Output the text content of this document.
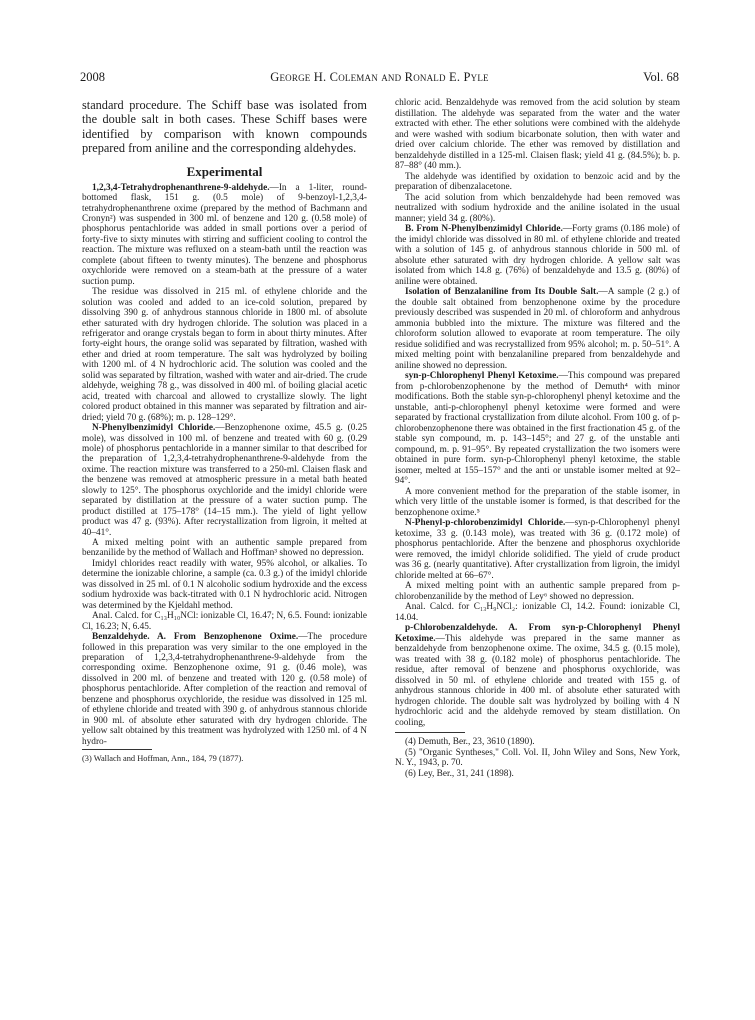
2008	George H. Coleman and Ronald E. Pyle	Vol. 68

standard procedure. The Schiff base was isolated from the double salt in both cases. These Schiff bases were identified by comparison with known compounds prepared from aniline and the corresponding aldehydes.

Experimental

1,2,3,4-Tetrahydrophenanthrene-9-aldehyde.—In a 1-liter, round-bottomed flask, 151 g. (0.5 mole) of 9-benzoyl-1,2,3,4-tetrahydrophenanthrene oxime (prepared by the method of Bachmann and Cronyn²) was suspended in 300 ml. of benzene and 120 g. (0.58 mole) of phosphorus pentachloride was added in small portions over a period of forty-five to sixty minutes with stirring and sufficient cooling to control the reaction. The mixture was refluxed on a steam-bath until the reaction was complete (about fifteen to twenty minutes). The benzene and phosphorus oxychloride were removed on a steam-bath at the pressure of a water suction pump.

The residue was dissolved in 215 ml. of ethylene chloride and the solution was cooled and added to an ice-cold solution, prepared by dissolving 390 g. of anhydrous stannous chloride in 1800 ml. of absolute ether saturated with dry hydrogen chloride. The solution was placed in a refrigerator and orange crystals began to form in about thirty minutes. After forty-eight hours, the orange solid was separated by filtration, washed with ether and dried at room temperature. The salt was hydrolyzed by boiling with 1200 ml. of 4 N hydrochloric acid. The solution was cooled and the solid was separated by filtration, washed with water and air-dried. The crude aldehyde, weighing 78 g., was dissolved in 400 ml. of boiling glacial acetic acid, treated with charcoal and allowed to crystallize slowly. The light colored product obtained in this manner was separated by filtration and air-dried; yield 70 g. (68%); m. p. 128–129°.

N-Phenylbenzimidyl Chloride.—Benzophenone oxime, 45.5 g. (0.25 mole), was dissolved in 100 ml. of benzene and treated with 60 g. (0.29 mole) of phosphorus pentachloride in a manner similar to that described for the preparation of 1,2,3,4-tetrahydrophenanthrene-9-aldehyde from the oxime. The reaction mixture was transferred to a 250-ml. Claisen flask and the benzene was removed at atmospheric pressure in a metal bath heated slowly to 125°. The phosphorus oxychloride and the imidyl chloride were separated by distillation at the pressure of a water suction pump. The product distilled at 175–178° (14–15 mm.). The yield of light yellow product was 47 g. (93%). After recrystallization from ligroin, it melted at 40–41°.

A mixed melting point with an authentic sample prepared from benzanilide by the method of Wallach and Hoffman³ showed no depression.

Imidyl chlorides react readily with water, 95% alcohol, or alkalies. To determine the ionizable chlorine, a sample (ca. 0.3 g.) of the imidyl chloride was dissolved in 25 ml. of 0.1 N alcoholic sodium hydroxide and the excess sodium hydroxide was back-titrated with 0.1 N hydrochloric acid. Nitrogen was determined by the Kjeldahl method.

Anal. Calcd. for C₁₃H₁₀NCl: ionizable Cl, 16.47; N, 6.5. Found: ionizable Cl, 16.23; N, 6.45.

Benzaldehyde. A. From Benzophenone Oxime.—The procedure followed in this preparation was very similar to the one employed in the preparation of 1,2,3,4-tetrahydrophenanthrene-9-aldehyde from the corresponding oxime. Benzophenone oxime, 91 g. (0.46 mole), was dissolved in 200 ml. of benzene and treated with 120 g. (0.58 mole) of phosphorus pentachloride. After completion of the reaction and removal of benzene and phosphorus oxychloride, the residue was dissolved in 125 ml. of ethylene chloride and treated with 390 g. of anhydrous stannous chloride in 900 ml. of absolute ether saturated with dry hydrogen chloride. The yellow salt obtained by this treatment was hydrolyzed with 1250 ml. of 4 N hydro-

(3) Wallach and Hoffman, Ann., 184, 79 (1877).

chloric acid. Benzaldehyde was removed from the acid solution by steam distillation. The aldehyde was separated from the water and the water extracted with ether. The ether solutions were combined with the aldehyde and were washed with sodium bicarbonate solution, then with water and dried over calcium chloride. The ether was removed by distillation and benzaldehyde distilled in a 125-ml. Claisen flask; yield 41 g. (84.5%); b. p. 87–88° (40 mm.).

The aldehyde was identified by oxidation to benzoic acid and by the preparation of dibenzalacetone.

The acid solution from which benzaldehyde had been removed was neutralized with sodium hydroxide and the aniline isolated in the usual manner; yield 34 g. (80%).

B. From N-Phenylbenzimidyl Chloride.—Forty grams (0.186 mole) of the imidyl chloride was dissolved in 80 ml. of ethylene chloride and treated with a solution of 145 g. of anhydrous stannous chloride in 500 ml. of absolute ether saturated with dry hydrogen chloride. A yellow salt was isolated from which 14.8 g. (76%) of benzaldehyde and 13.5 g. (80%) of aniline were obtained.

Isolation of Benzalaniline from Its Double Salt.—A sample (2 g.) of the double salt obtained from benzophenone oxime by the procedure previously described was suspended in 20 ml. of chloroform and anhydrous ammonia bubbled into the mixture. The mixture was filtered and the chloroform solution allowed to evaporate at room temperature. The oily residue solidified and was recrystallized from 95% alcohol; m. p. 50–51°. A mixed melting point with benzalaniline prepared from benzaldehyde and aniline showed no depression.

syn-p-Chlorophenyl Phenyl Ketoxime.—This compound was prepared from p-chlorobenzophenone by the method of Demuth⁴ with minor modifications. Both the stable syn-p-chlorophenyl phenyl ketoxime and the unstable, anti-p-chlorophenyl phenyl ketoxime were formed and were separated by fractional crystallization from dilute alcohol. From 100 g. of p-chlorobenzophenone there was obtained in the first fractionation 45 g. of the stable syn compound, m. p. 143–145°; and 27 g. of the unstable anti compound, m. p. 91–95°. By repeated crystallization the two isomers were obtained in pure form. syn-p-Chlorophenyl phenyl ketoxime, the stable isomer, melted at 155–157° and the anti or unstable isomer melted at 92–94°.

A more convenient method for the preparation of the stable isomer, in which very little of the unstable isomer is formed, is that described for the benzophenone oxime.⁵

N-Phenyl-p-chlorobenzimidyl Chloride.—syn-p-Chlorophenyl phenyl ketoxime, 33 g. (0.143 mole), was treated with 36 g. (0.172 mole) of phosphorus pentachloride. After the benzene and phosphorus oxychloride were removed, the imidyl chloride solidified. The yield of crude product was 36 g. (nearly quantitative). After crystallization from ligroin, the imidyl chloride melted at 66–67°.

A mixed melting point with an authentic sample prepared from p-chlorobenzanilide by the method of Ley⁶ showed no depression.

Anal. Calcd. for C₁₃H₉NCl₂: ionizable Cl, 14.2. Found: ionizable Cl, 14.04.

p-Chlorobenzaldehyde. A. From syn-p-Chlorophenyl Phenyl Ketoxime.—This aldehyde was prepared in the same manner as benzaldehyde from benzophenone oxime. The oxime, 34.5 g. (0.15 mole), was treated with 38 g. (0.182 mole) of phosphorus pentachloride. The residue, after removal of benzene and phosphorus oxychloride, was dissolved in 50 ml. of ethylene chloride and treated with 155 g. of anhydrous stannous chloride in 400 ml. of absolute ether saturated with hydrogen chloride. The double salt was hydrolyzed by boiling with 4 N hydrochloric acid and the aldehyde removed by steam distillation. On cooling,

(4) Demuth, Ber., 23, 3610 (1890).

(5) "Organic Syntheses," Coll. Vol. II, John Wiley and Sons, New York, N. Y., 1943, p. 70.

(6) Ley, Ber., 31, 241 (1898).
